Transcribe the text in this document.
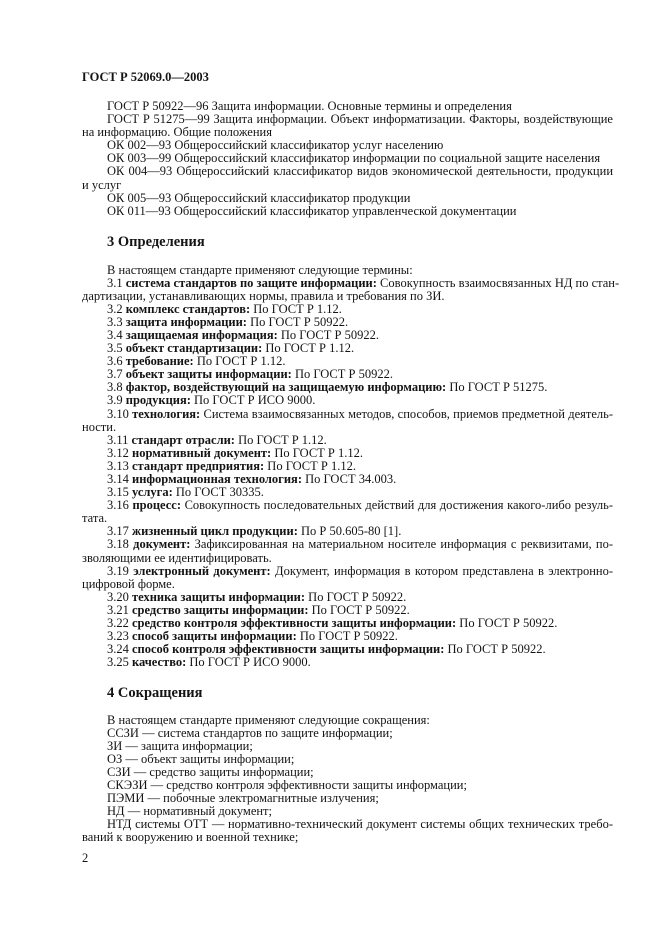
ГОСТ Р 52069.0—2003
ГОСТ Р 50922—96 Защита информации. Основные термины и определения
ГОСТ Р 51275—99 Защита информации. Объект информатизации. Факторы, воздействующие
на информацию. Общие положения
ОК 002—93 Общероссийский классификатор услуг населению
ОК 003—99 Общероссийский классификатор информации по социальной защите населения
ОК 004—93 Общероссийский классификатор видов экономической деятельности, продукции
и услуг
ОК 005—93 Общероссийский классификатор продукции
ОК 011—93 Общероссийский классификатор управленческой документации
3 Определения
В настоящем стандарте применяют следующие термины:
3.1 система стандартов по защите информации: Совокупность взаимосвязанных НД по стан-
дартизации, устанавливающих нормы, правила и требования по ЗИ.
3.2 комплекс стандартов: По ГОСТ Р 1.12.
3.3 защита информации: По ГОСТ Р 50922.
3.4 защищаемая информация: По ГОСТ Р 50922.
3.5 объект стандартизации: По ГОСТ Р 1.12.
3.6 требование: По ГОСТ Р 1.12.
3.7 объект защиты информации: По ГОСТ Р 50922.
3.8 фактор, воздействующий на защищаемую информацию: По ГОСТ Р 51275.
3.9 продукция: По ГОСТ Р ИСО 9000.
3.10 технология: Система взаимосвязанных методов, способов, приемов предметной деятель-
ности.
3.11 стандарт отрасли: По ГОСТ Р 1.12.
3.12 нормативный документ: По ГОСТ Р 1.12.
3.13 стандарт предприятия: По ГОСТ Р 1.12.
3.14 информационная технология: По ГОСТ 34.003.
3.15 услуга: По ГОСТ 30335.
3.16 процесс: Совокупность последовательных действий для достижения какого-либо резуль-
тата.
3.17 жизненный цикл продукции: По Р 50.605-80 [1].
3.18 документ: Зафиксированная на материальном носителе информация с реквизитами, по-
зволяющими ее идентифицировать.
3.19 электронный документ: Документ, информация в котором представлена в электронно-
цифровой форме.
3.20 техника защиты информации: По ГОСТ Р 50922.
3.21 средство защиты информации: По ГОСТ Р 50922.
3.22 средство контроля эффективности защиты информации: По ГОСТ Р 50922.
3.23 способ защиты информации: По ГОСТ Р 50922.
3.24 способ контроля эффективности защиты информации: По ГОСТ Р 50922.
3.25 качество: По ГОСТ Р ИСО 9000.
4 Сокращения
В настоящем стандарте применяют следующие сокращения:
ССЗИ — система стандартов по защите информации;
ЗИ — защита информации;
ОЗ — объект защиты информации;
СЗИ — средство защиты информации;
СКЭЗИ — средство контроля эффективности защиты информации;
ПЭМИ — побочные электромагнитные излучения;
НД — нормативный документ;
НТД системы ОТТ — нормативно-технический документ системы общих технических требо-
ваний к вооружению и военной технике;
2
